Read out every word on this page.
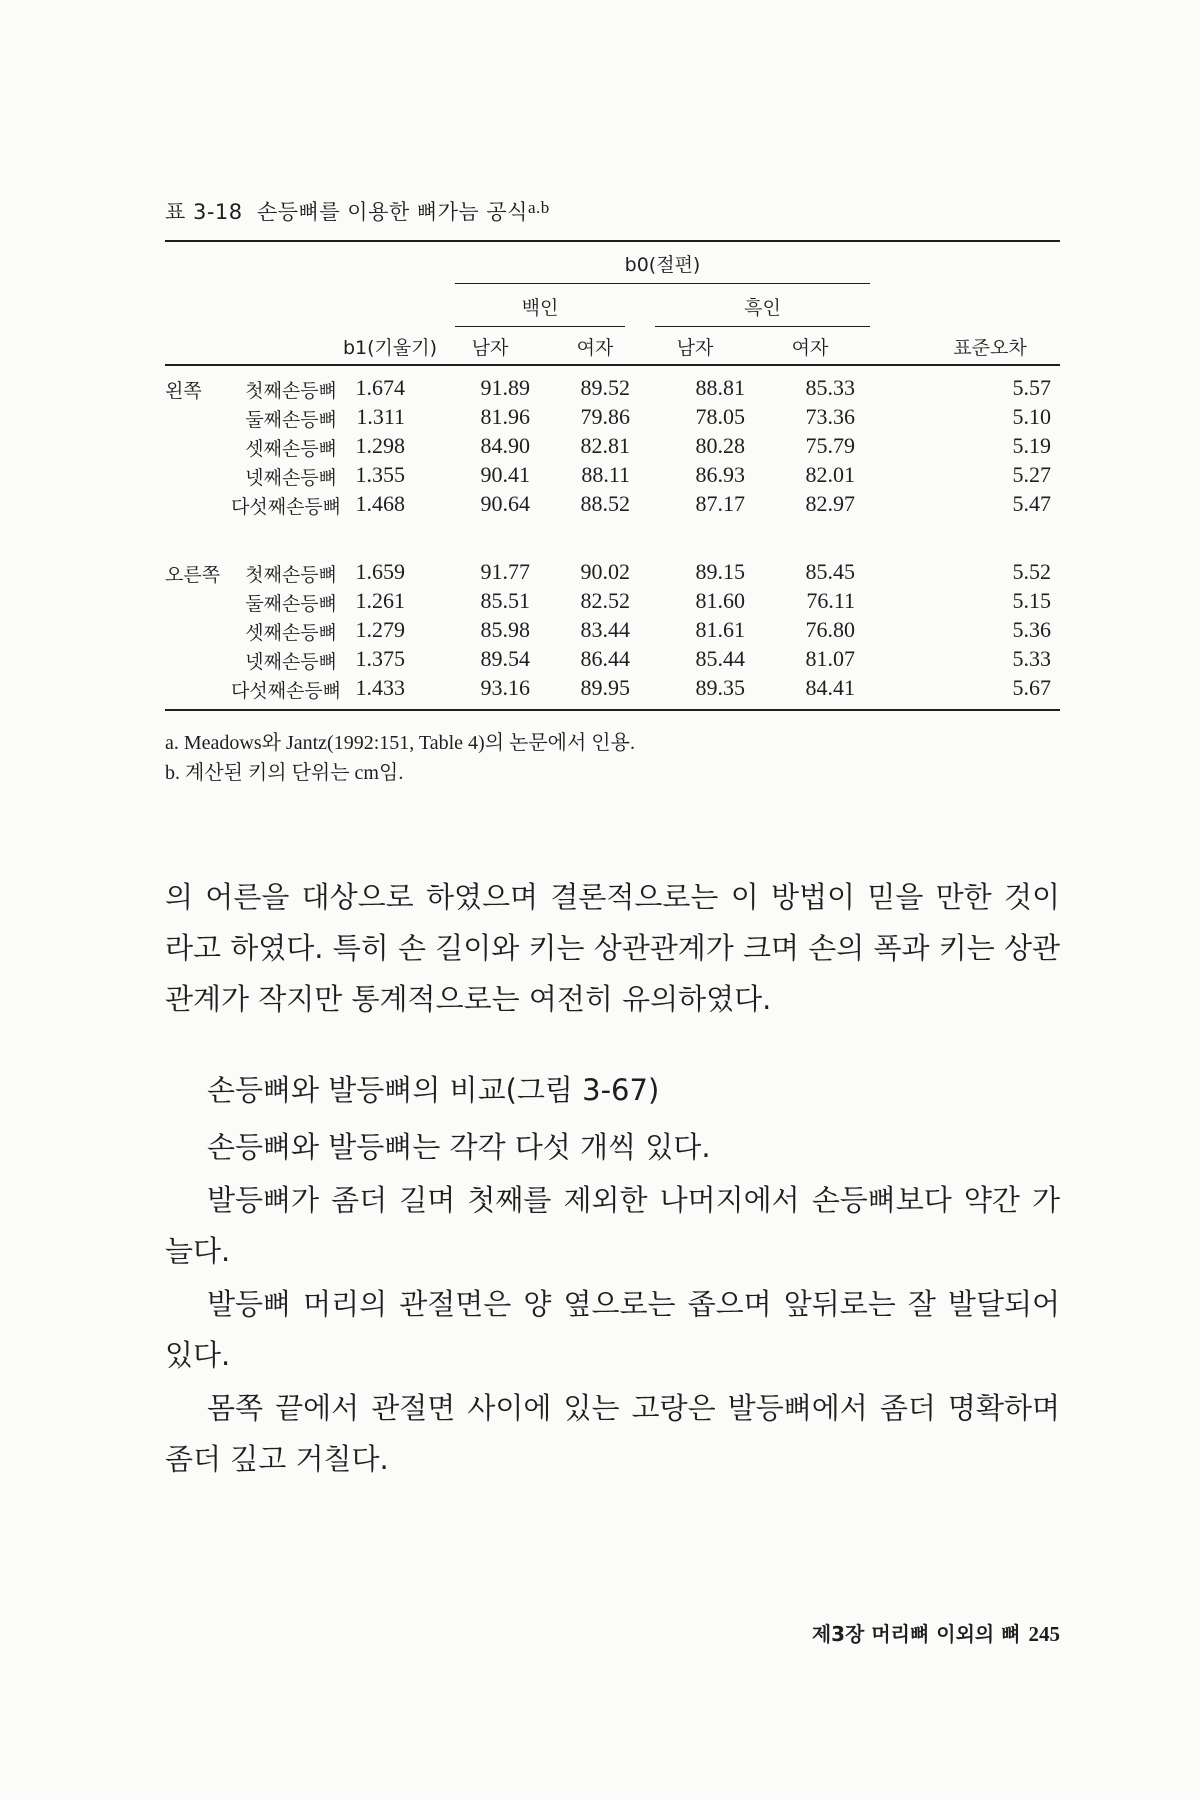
표 3-18 손등뼈를 이용한 뼈가늠 공식$^{a.b}$
b0(절편)
백인	흑인
b1(기울기)	남자	여자	남자	여자	표준오차
왼쪽	첫째손등뼈 1.674	91.89	89.52	88.81	85.33	5.57
둘째손등뼈 1.311	81.96	79.86	78.05	73.36	5.10
셋째손등뼈 1.298	84.90	82.81	80.28	75.79	5.19
넷째손등뼈 1.355	90.41	88.11	86.93	82.01	5.27
다섯째손등뼈 1.468	90.64	88.52	87.17	82.97	5.47
오른쪽	첫째손등뼈 1.659	91.77	90.02	89.15	85.45	5.52
둘째손등뼈 1.261	85.51	82.52	81.60	76.11	5.15
셋째손등뼈 1.279	85.98	83.44	81.61	76.80	5.36
넷째손등뼈 1.375	89.54	86.44	85.44	81.07	5.33
다섯째손등뼈 1.433	93.16	89.95	89.35	84.41	5.67
a. Meadows와 Jantz(1992:151, Table 4)의 논문에서 인용.
b. 계산된 키의 단위는 cm임.

의 어른을 대상으로 하였으며 결론적으로는 이 방법이 믿을 만한 것이라고 하였다. 특히 손 길이와 키는 상관관계가 크며 손의 폭과 키는 상관관계가 작지만 통계적으로는 여전히 유의하였다.

손등뼈와 발등뼈의 비교(그림 3-67)

손등뼈와 발등뼈는 각각 다섯 개씩 있다.

발등뼈가 좀더 길며 첫째를 제외한 나머지에서 손등뼈보다 약간 가늘다.

발등뼈 머리의 관절면은 양 옆으로는 좁으며 앞뒤로는 잘 발달되어 있다.

몸쪽 끝에서 관절면 사이에 있는 고랑은 발등뼈에서 좀더 명확하며 좀더 깊고 거칠다.

제3장 머리뼈 이외의 뼈 245
